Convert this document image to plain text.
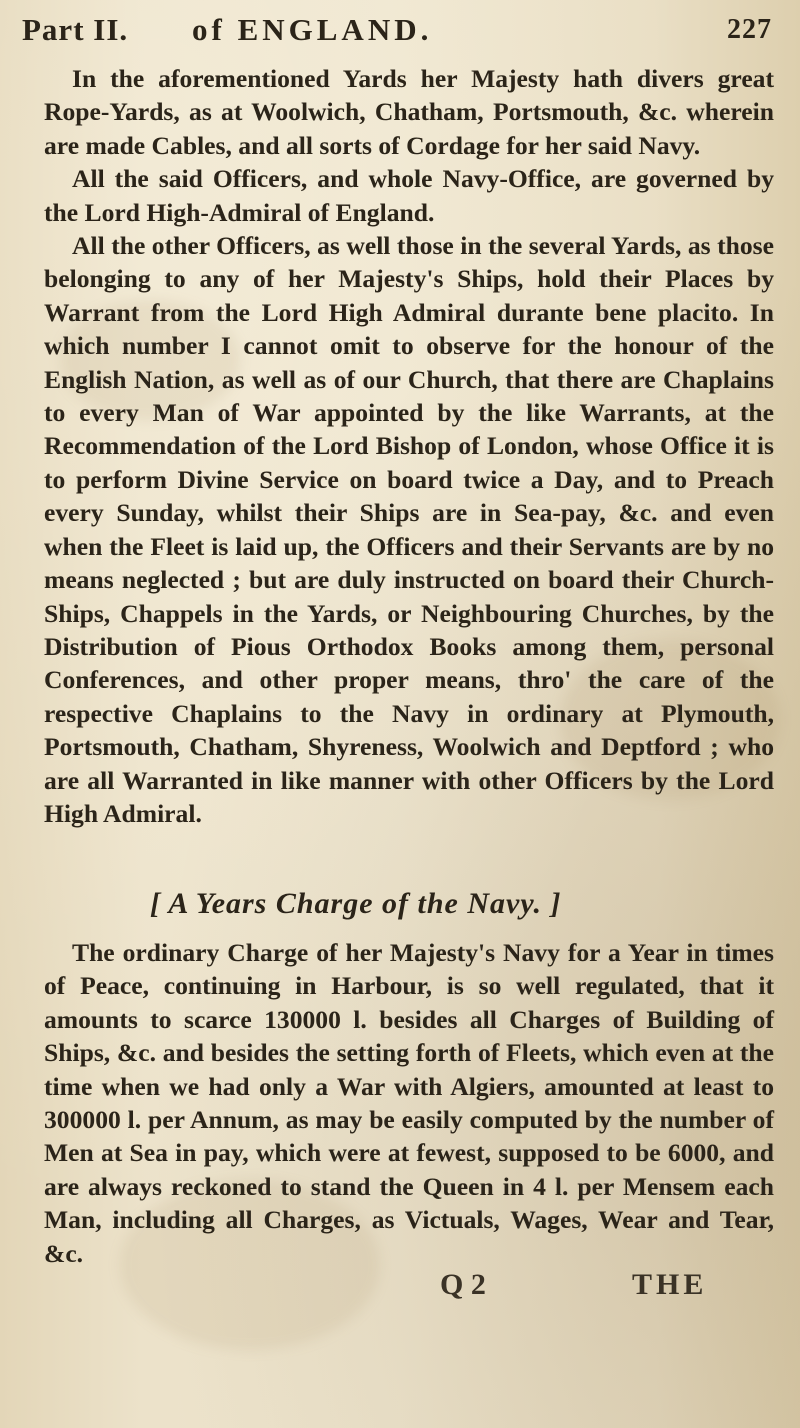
Part II. of ENGLAND.	227

In the aforementioned Yards her Majesty hath divers great Rope-Yards, as at Woolwich, Chatham, Portsmouth, &c. wherein are made Cables, and all sorts of Cordage for her said Navy.

All the said Officers, and whole Navy-Office, are governed by the Lord High-Admiral of England.

All the other Officers, as well those in the several Yards, as those belonging to any of her Majesty's Ships, hold their Places by Warrant from the Lord High Admiral durante bene placito. In which number I cannot omit to observe for the honour of the English Nation, as well as of our Church, that there are Chaplains to every Man of War appointed by the like Warrants, at the Recommendation of the Lord Bishop of London, whose Office it is to perform Divine Service on board twice a Day, and to Preach every Sunday, whilst their Ships are in Sea-pay, &c. and even when the Fleet is laid up, the Officers and their Servants are by no means neglected ; but are duly instructed on board their Church-Ships, Chappels in the Yards, or Neighbouring Churches, by the Distribution of Pious Orthodox Books among them, personal Conferences, and other proper means, thro' the care of the respective Chaplains to the Navy in ordinary at Plymouth, Portsmouth, Chatham, Shyreness, Woolwich and Deptford ; who are all Warranted in like manner with other Officers by the Lord High Admiral.

[ A Years Charge of the Navy. ]

The ordinary Charge of her Majesty's Navy for a Year in times of Peace, continuing in Harbour, is so well regulated, that it amounts to scarce 130000 l. besides all Charges of Building of Ships, &c. and besides the setting forth of Fleets, which even at the time when we had only a War with Algiers, amounted at least to 300000 l. per Annum, as may be easily computed by the number of Men at Sea in pay, which were at fewest, supposed to be 6000, and are always reckoned to stand the Queen in 4 l. per Mensem each Man, including all Charges, as Victuals, Wages, Wear and Tear, &c.

Q 2	THE
